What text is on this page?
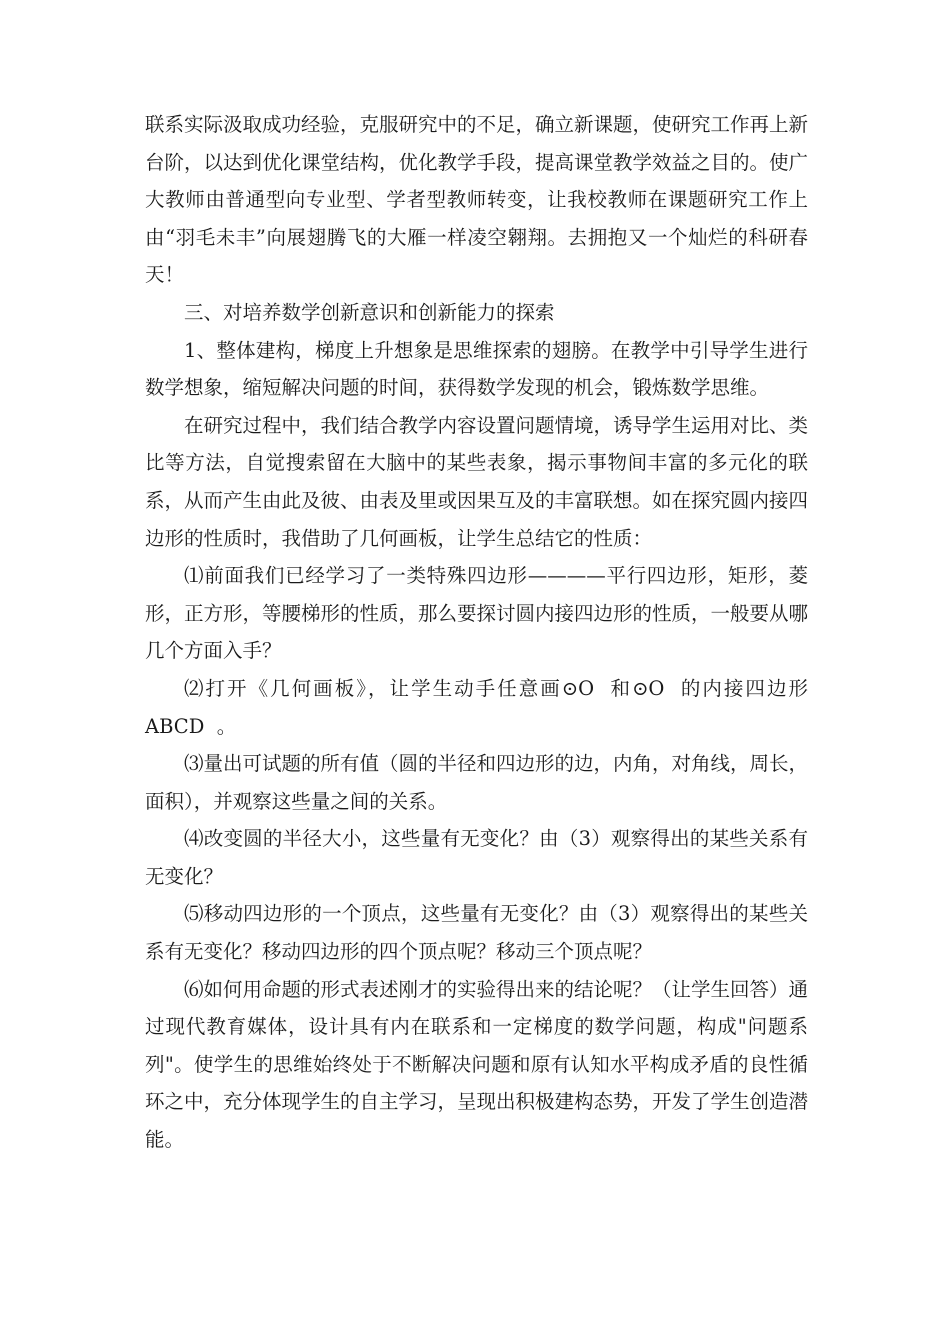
联系实际汲取成功经验，克服研究中的不足，确立新课题，使研究工作再上新台阶，以达到优化课堂结构，优化教学手段，提高课堂教学效益之目的。使广大教师由普通型向专业型、学者型教师转变，让我校教师在课题研究工作上由“羽毛未丰”向展翅腾飞的大雁一样凌空翱翔。去拥抱又一个灿烂的科研春天！

三、对培养数学创新意识和创新能力的探索

1、整体建构，梯度上升想象是思维探索的翅膀。在教学中引导学生进行数学想象，缩短解决问题的时间，获得数学发现的机会，锻炼数学思维。

在研究过程中，我们结合教学内容设置问题情境，诱导学生运用对比、类比等方法，自觉搜索留在大脑中的某些表象，揭示事物间丰富的多元化的联系，从而产生由此及彼、由表及里或因果互及的丰富联想。如在探究圆内接四边形的性质时，我借助了几何画板，让学生总结它的性质：

⑴前面我们已经学习了一类特殊四边形————平行四边形，矩形，菱形，正方形，等腰梯形的性质，那么要探讨圆内接四边形的性质，一般要从哪几个方面入手？

⑵打开《几何画板》，让学生动手任意画⊙O  和⊙O  的内接四边形 ABCD  。

⑶量出可试题的所有值（圆的半径和四边形的边，内角，对角线，周长，面积），并观察这些量之间的关系。

⑷改变圆的半径大小，这些量有无变化？由（3）观察得出的某些关系有无变化？

⑸移动四边形的一个顶点，这些量有无变化？由（3）观察得出的某些关系有无变化？移动四边形的四个顶点呢？移动三个顶点呢？

⑹如何用命题的形式表述刚才的实验得出来的结论呢？（让学生回答）通过现代教育媒体，设计具有内在联系和一定梯度的数学问题，构成"问题系列"。使学生的思维始终处于不断解决问题和原有认知水平构成矛盾的良性循环之中，充分体现学生的自主学习，呈现出积极建构态势，开发了学生创造潜能。
